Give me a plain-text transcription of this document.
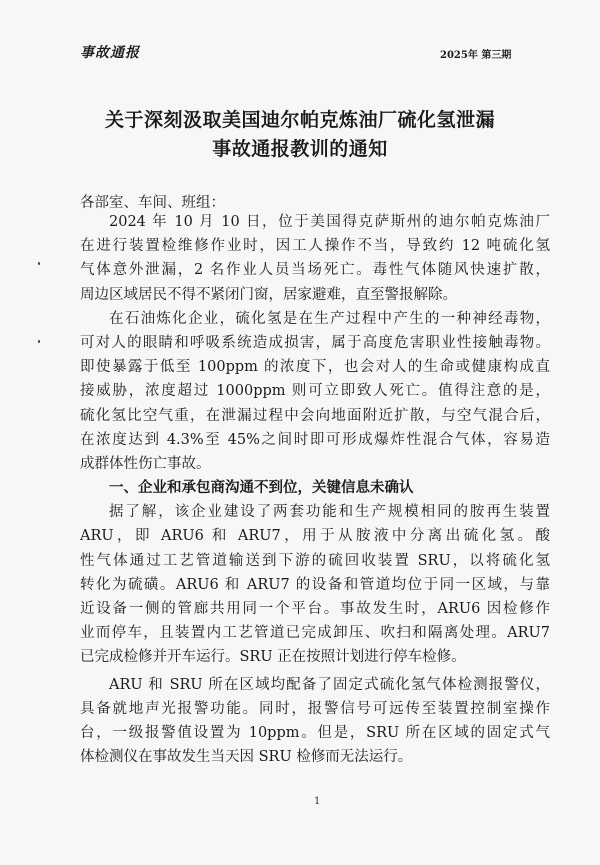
事故通报	2025年 第三期
关于深刻汲取美国迪尔帕克炼油厂硫化氢泄漏
事故通报教训的通知
各部室、车间、班组：
2024 年 10 月 10 日，位于美国得克萨斯州的迪尔帕克炼油厂
在进行装置检维修作业时，因工人操作不当，导致约 12 吨硫化氢
气体意外泄漏，2 名作业人员当场死亡。毒性气体随风快速扩散，
周边区域居民不得不紧闭门窗，居家避难，直至警报解除。
在石油炼化企业，硫化氢是在生产过程中产生的一种神经毒物，
可对人的眼睛和呼吸系统造成损害，属于高度危害职业性接触毒物。
即使暴露于低至 100ppm 的浓度下，也会对人的生命或健康构成直
接威胁，浓度超过 1000ppm 则可立即致人死亡。值得注意的是，
硫化氢比空气重，在泄漏过程中会向地面附近扩散，与空气混合后，
在浓度达到 4.3%至 45%之间时即可形成爆炸性混合气体，容易造
成群体性伤亡事故。
一、企业和承包商沟通不到位，关键信息未确认
据了解，该企业建设了两套功能和生产规模相同的胺再生装置
ARU，即 ARU6 和 ARU7，用于从胺液中分离出硫化氢。酸
性气体通过工艺管道输送到下游的硫回收装置 SRU，以将硫化氢
转化为硫磺。ARU6 和 ARU7 的设备和管道均位于同一区域，与靠
近设备一侧的管廊共用同一个平台。事故发生时，ARU6 因检修作
业而停车，且装置内工艺管道已完成卸压、吹扫和隔离处理。ARU7
已完成检修并开车运行。SRU 正在按照计划进行停车检修。
ARU 和 SRU 所在区域均配备了固定式硫化氢气体检测报警仪，
具备就地声光报警功能。同时，报警信号可远传至装置控制室操作
台，一级报警值设置为 10ppm。但是，SRU 所在区域的固定式气
体检测仪在事故发生当天因 SRU 检修而无法运行。
1
